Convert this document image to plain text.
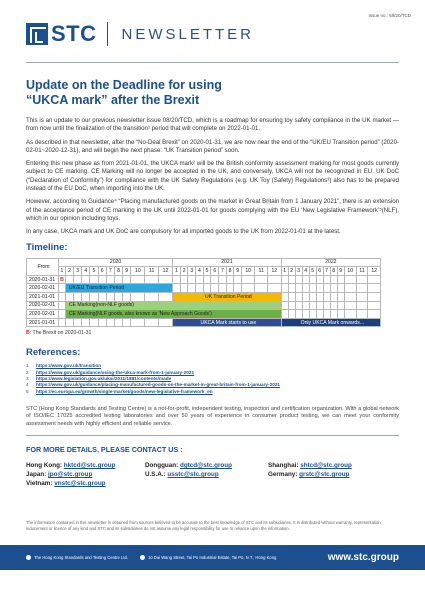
Issue no.: 59/20/TCD
STC NEWSLETTER
Update on the Deadline for using
“UKCA mark” after the Brexit

This is an update to our previous newsletter issue 08/20/TCD, which is a roadmap for ensuring toy safety compliance in the UK market — from now until the finalization of the transition¹ period that will complete on 2022-01-01.

As described in that newsletter, after the “No-Deal Brexit” on 2020-01-31, we are now near the end of the “UK/EU Transition period” (2020-02-01~2020-12-31), and will begin the next phase: “UK Transition period” soon.

Entering this new phase as from 2021-01-01, the UKCA mark² will be the British conformity assessment marking for most goods currently subject to CE marking. CE Marking will no longer be accepted in the UK, and conversely, UKCA will not be recognized in EU. UK DoC (“Declaration of Conformity”) for compliance with the UK Safety Regulations (e.g. UK Toy (Safety) Regulations³) also has to be prepared instead of the EU DoC, when importing into the UK.

However, according to Guidance⁴ “Placing manufactured goods on the market in Great Britain from 1 January 2021”, there is an extension of the acceptance period of CE marking in the UK until 2022-01-01 for goods complying with the EU ‘New Legislative Framework’⁵(NLF), which in our opinion including toys.

In any case, UKCA mark and UK DoC are compulsory for all imported goods to the UK from 2022-01-01 at the latest.

Timeline:
From	2020												2021												2022											
	1	2	3	4	5	6	7	8	9	10	11	12	1	2	3	4	5	6	7	8	9	10	11	12	1	2	3	4	5	6	7	8	9	10	11	12
2020-01-31	B																																			
2020-02-01		UK/EU Transition Period																																		
2021-01-01													UK Transition Period																							
2020-02-01		CE Marking(non-NLF goods)																																		
2020-02-01		CE Marking(NLF goods, also known as 'New Approach Goods')																																		
2021-01-01													UKCA Mark starts to use												Only UKCA Mark onwards...											
B: The Brexit on 2020-01-31
References:
1	https://www.gov.uk/transition
2	https://www.gov.uk/guidance/using-the-ukca-mark-from-1-january-2021
3	https://www.legislation.gov.uk/uksi/2011/1881/contents/made
4	https://www.gov.uk/guidance/placing-manufactured-goods-on-the-market-in-great-britain-from-1-january-2021
5	https://ec.europa.eu/growth/single-market/goods/new-legislative-framework_en

STC (Hong Kong Standards and Testing Centre) is a not-for-profit, independent testing, inspection and certification organization. With a global network of ISO/IEC 17025 accredited testing laboratories and over 50 years of experience in consumer product testing, we can meet your conformity assessment needs with highly efficient and reliable service.

FOR MORE DETAILS, PLEASE CONTACT US :
Hong Kong: hktcd@stc.group	Dongguan: dgtcd@stc.group	Shanghai: shtcd@stc.group
Japan: jpo@stc.group	U.S.A.: usstc@stc.group	Germany: grstc@stc.group
Vietnam: vnstc@stc.group
The information contained in this newsletter is obtained from sources believed to be accurate to the best knowledge of STC and its subsidiaries. It is distributed without warranty, representation, inducement or licence of any kind and STC and its subsidiaries do not assume any legal responsibility for use or reliance upon the information.
The Hong Kong Standards and Testing Centre Ltd.	10 Dai Wang Street, Tai Po Industrial Estate, Tai Po, N.T., Hong Kong	www.stc.group
